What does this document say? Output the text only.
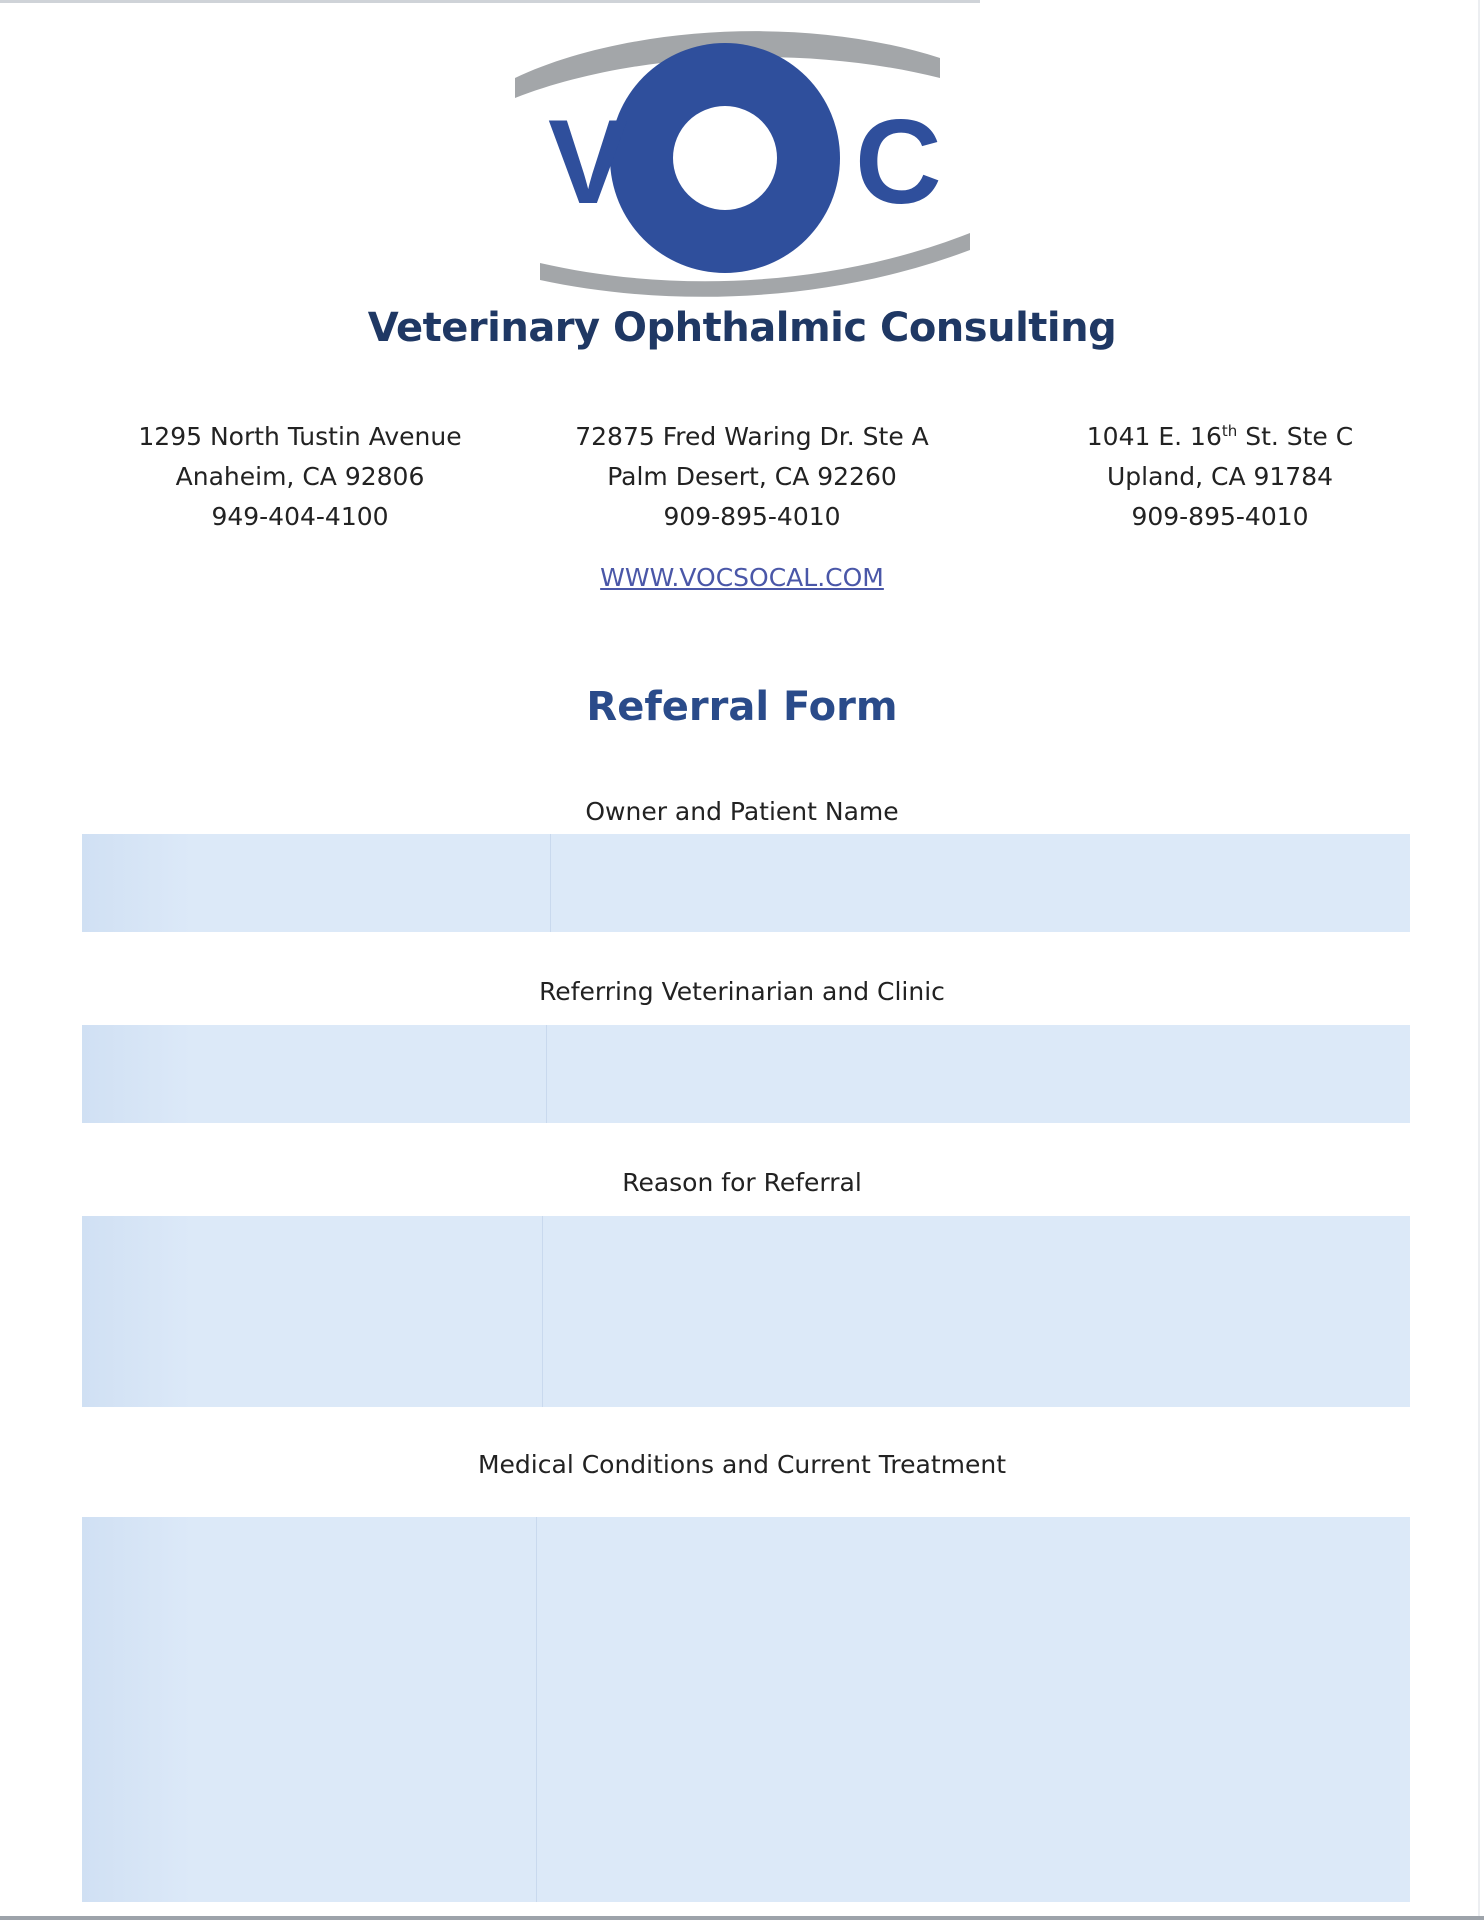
V C
Veterinary Ophthalmic Consulting
1295 North Tustin Avenue
Anaheim, CA 92806
949-404-4100
72875 Fred Waring Dr. Ste A
Palm Desert, CA 92260
909-895-4010
1041 E. 16th St. Ste C
Upland, CA 91784
909-895-4010
WWW.VOCSOCAL.COM
Referral Form
Owner and Patient Name
Referring Veterinarian and Clinic
Reason for Referral
Medical Conditions and Current Treatment
